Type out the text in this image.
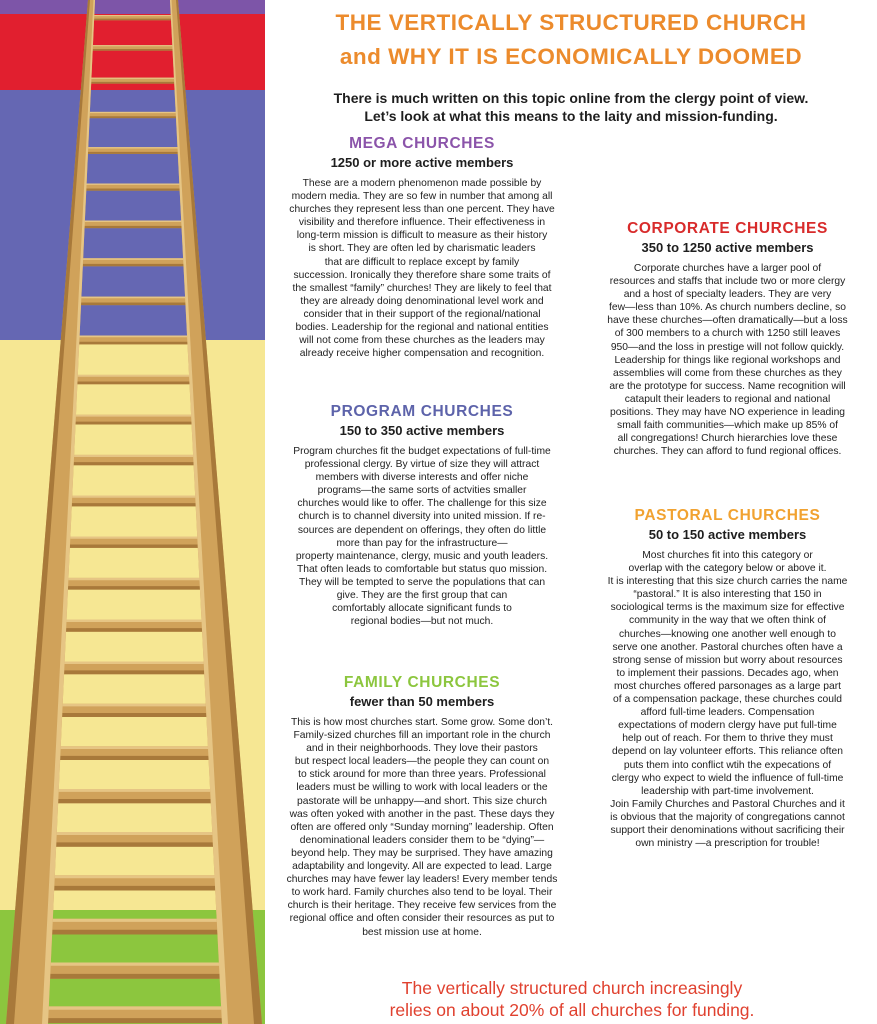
THE VERTICALLY STRUCTURED CHURCH
and WHY IT IS ECONOMICALLY DOOMED
There is much written on this topic online from the clergy point of view.
Let’s look at what this means to the laity and mission-funding.
MEGA CHURCHES
1250 or more active members
These are a modern phenomenon made possible by
modern media. They are so few in number that among all
churches they represent less than one percent. They have
visibility and therefore influence. Their effectiveness in
long-term mission is difficult to measure as their history
is short. They are often led by charismatic leaders
that are difficult to replace except by family
succession. Ironically they therefore share some traits of
the smallest “family” churches! They are likely to feel that
they are already doing denominational level work and
consider that in their support of the regional/national
bodies. Leadership for the regional and national entities
will not come from these churches as the leaders may
already receive higher compensation and recognition.
PROGRAM CHURCHES
150 to 350 active members
Program churches fit the budget expectations of full-time
professional clergy. By virtue of size they will attract
members with diverse interests and offer niche
programs—the same sorts of actvities smaller
churches would like to offer. The challenge for this size
church is to channel diversity into united mission. If re-
sources are dependent on offerings, they often do little
more than pay for the infrastructure—
property maintenance, clergy, music and youth leaders.
That often leads to comfortable but status quo mission.
They will be tempted to serve the populations that can
give. They are the first group that can
comfortably allocate significant funds to
regional bodies—but not much.
FAMILY CHURCHES
fewer than 50 members
This is how most churches start. Some grow. Some don’t.
Family-sized churches fill an important role in the church
and in their neighborhoods. They love their pastors
but respect local leaders—the people they can count on
to stick around for more than three years. Professional
leaders must be willing to work with local leaders or the
pastorate will be unhappy—and short. This size church
was often yoked with another in the past. These days they
often are offered only “Sunday morning” leadership. Often
denominational leaders consider them to be “dying”—
beyond help. They may be surprised. They have amazing
adaptability and longevity. All are expected to lead. Large
churches may have fewer lay leaders! Every member tends
to work hard. Family churches also tend to be loyal. Their
church is their heritage. They receive few services from the
regional office and often consider their resources as put to
best mission use at home.
CORPORATE CHURCHES
350 to 1250 active members
Corporate churches have a larger pool of
resources and staffs that include two or more clergy
and a host of specialty leaders. They are very
few—less than 10%. As church numbers decline, so
have these churches—often dramatically—but a loss
of 300 members to a church with 1250 still leaves
950—and the loss in prestige will not follow quickly.
Leadership for things like regional workshops and
assemblies will come from these churches as they
are the prototype for success. Name recognition will
catapult their leaders to regional and national
positions. They may have NO experience in leading
small faith communities—which make up 85% of
all congregations! Church hierarchies love these
churches. They can afford to fund regional offices.
PASTORAL CHURCHES
50 to 150 active members
Most churches fit into this category or
overlap with the category below or above it.
It is interesting that this size church carries the name
“pastoral.” It is also interesting that 150 in
sociological terms is the maximum size for effective
community in the way that we often think of
churches—knowing one another well enough to
serve one another. Pastoral churches often have a
strong sense of mission but worry about resources
to implement their passions. Decades ago, when
most churches offered parsonages as a large part
of a compensation package, these churches could
afford full-time leaders. Compensation
expectations of modern clergy have put full-time
help out of reach. For them to thrive they must
depend on lay volunteer efforts. This reliance often
puts them into conflict wtih the expecations of
clergy who expect to wield the influence of full-time
leadership with part-time involvement.
Join Family Churches and Pastoral Churches and it
is obvious that the majority of congregations cannot
support their denominations without sacrificing their
own ministry —a prescription for trouble!
The vertically structured church increasingly
relies on about 20% of all churches for funding.
